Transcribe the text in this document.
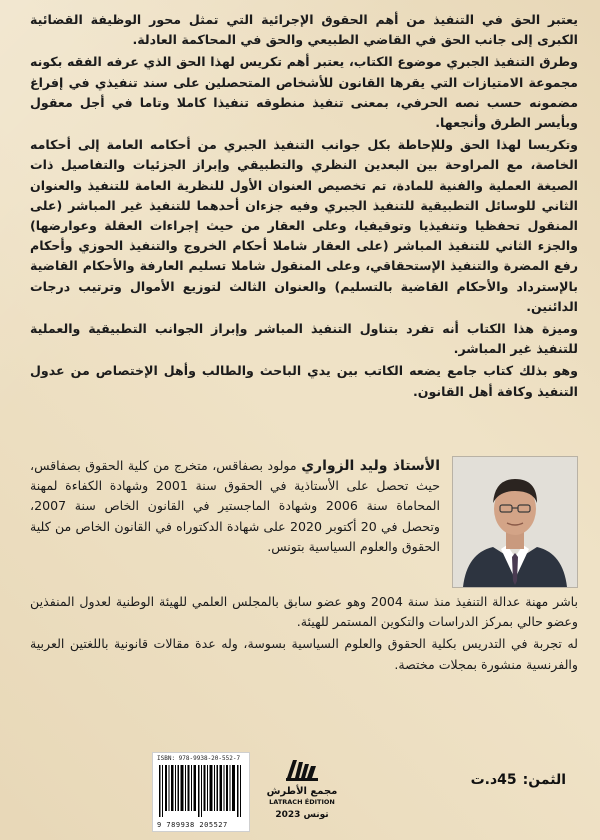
يعتبر الحق في التنفيذ من أهم الحقوق الإجرائية التي تمثل محور الوظيفة القضائية الكبرى إلى جانب الحق في القاضي الطبيعي والحق في المحاكمة العادلة.

وطرق التنفيذ الجبري موضوع الكتاب، يعتبر أهم تكريس لهذا الحق الذي عرفه الفقه بكونه مجموعة الامتيازات التي يقرها القانون للأشخاص المتحصلين على سند تنفيذي في إفراغ مضمونه حسب نصه الحرفي، بمعنى تنفيذ منطوقه تنفيذا كاملا وتاما في أجل معقول وبأيسر الطرق وأنجعها.

وتكريسا لهذا الحق وللإحاطة بكل جوانب التنفيذ الجبري من أحكامه العامة إلى أحكامه الخاصة، مع المراوحة بين البعدين النظري والتطبيقي وإبراز الجزئيات والتفاصيل ذات الصيغة العملية والفنية للمادة، تم تخصيص العنوان الأول للنظرية العامة للتنفيذ والعنوان الثاني للوسائل التطبيقية للتنفيذ الجبري وفيه جزءان أحدهما للتنفيذ غير المباشر (على المنقول تحفظيا وتنفيذيا وتوقيفيا، وعلى العقار من حيث إجراءات العقلة وعوارضها) والجزء الثاني للتنفيذ المباشر (على العقار شاملا أحكام الخروج والتنفيذ الحوزي وأحكام رفع المضرة والتنفيذ الإستحقاقي، وعلى المنقول شاملا تسليم العارفة والأحكام القاضية بالإسترداد والأحكام القاضية بالتسليم) والعنوان الثالث لتوزيع الأموال وترتيب درجات الدائنين.

وميزة هذا الكتاب أنه تفرد بتناول التنفيذ المباشر وإبراز الجوانب التطبيقية والعملية للتنفيذ غير المباشر.

وهو بذلك كتاب جامع يضعه الكاتب بين يدي الباحث والطالب وأهل الإختصاص من عدول التنفيذ وكافة أهل القانون.

الأستاذ وليد الزواري مولود بصفاقس، متخرج من كلية الحقوق بصفاقس، حيث تحصل على الأستاذية في الحقوق سنة 2001 وشهادة الكفاءة لمهنة المحاماة سنة 2006 وشهادة الماجستير في القانون الخاص سنة 2007، وتحصل في 20 أكتوبر 2020 على شهادة الدكتوراه في القانون الخاص من كلية الحقوق والعلوم السياسية بتونس.

باشر مهنة عدالة التنفيذ منذ سنة 2004 وهو عضو سابق بالمجلس العلمي للهيئة الوطنية لعدول المنفذين وعضو حالي بمركز الدراسات والتكوين المستمر للهيئة.

له تجربة في التدريس بكلية الحقوق والعلوم السياسية بسوسة، وله عدة مقالات قانونية باللغتين العربية والفرنسية منشورة بمجلات مختصة.

ISBN: 978-9938-20-552-7
9 789938 205527
مجمع الأطرش
LATRACH ÉDITION
تونس 2023
الثمن:45د.ت
